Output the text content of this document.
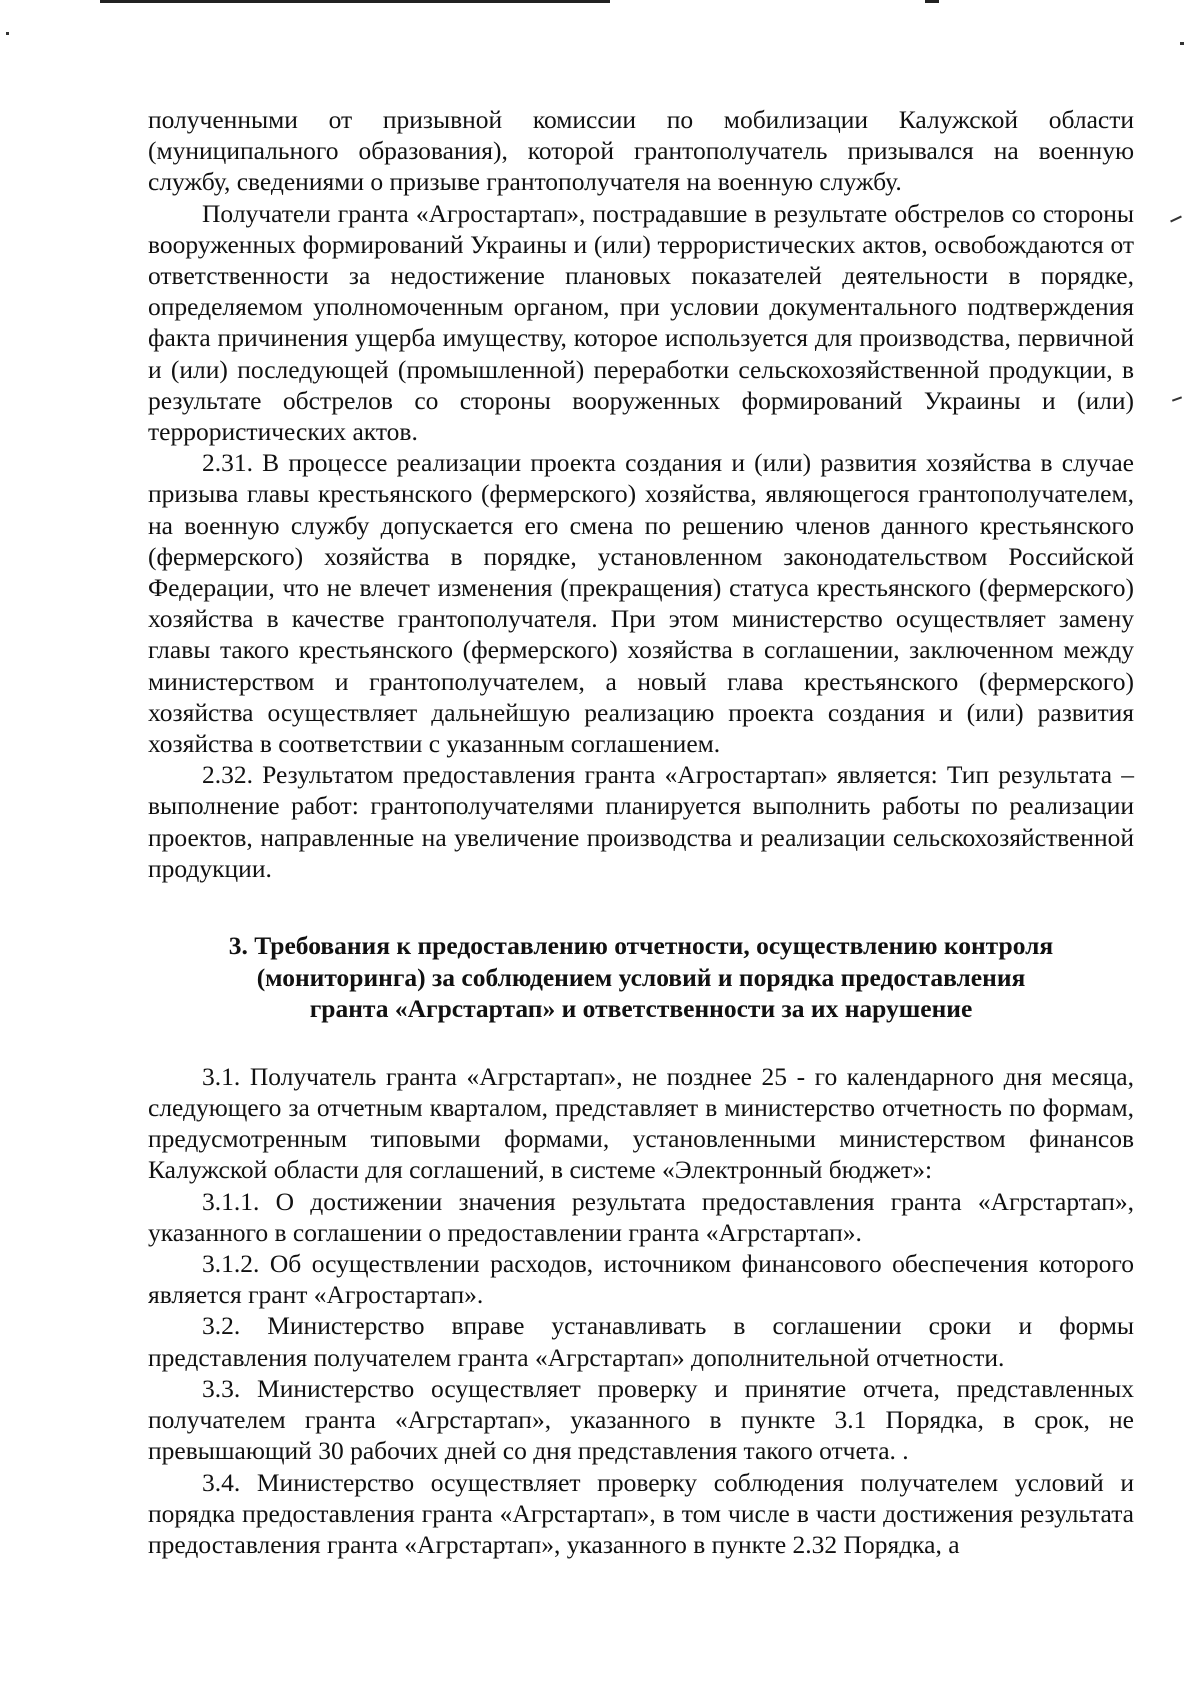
полученными от призывной комиссии по мобилизации Калужской области (муниципального образования), которой грантополучатель призывался на военную службу, сведениями о призыве грантополучателя на военную службу.

Получатели гранта «Агростартап», пострадавшие в результате обстрелов со стороны вооруженных формирований Украины и (или) террористических актов, освобождаются от ответственности за недостижение плановых показателей деятельности в порядке, определяемом уполномоченным органом, при условии документального подтверждения факта причинения ущерба имуществу, которое используется для производства, первичной и (или) последующей (промышленной) переработки сельскохозяйственной продукции, в результате обстрелов со стороны вооруженных формирований Украины и (или) террористических актов.

2.31. В процессе реализации проекта создания и (или) развития хозяйства в случае призыва главы крестьянского (фермерского) хозяйства, являющегося грантополучателем, на военную службу допускается его смена по решению членов данного крестьянского (фермерского) хозяйства в порядке, установленном законодательством Российской Федерации, что не влечет изменения (прекращения) статуса крестьянского (фермерского) хозяйства в качестве грантополучателя. При этом министерство осуществляет замену главы такого крестьянского (фермерского) хозяйства в соглашении, заключенном между министерством и грантополучателем, а новый глава крестьянского (фермерского) хозяйства осуществляет дальнейшую реализацию проекта создания и (или) развития хозяйства в соответствии с указанным соглашением.

2.32. Результатом предоставления гранта «Агростартап» является: Тип результата – выполнение работ: грантополучателями планируется выполнить работы по реализации проектов, направленные на увеличение производства и реализации сельскохозяйственной продукции.

3. Требования к предоставлению отчетности, осуществлению контроля
(мониторинга) за соблюдением условий и порядка предоставления
гранта «Агрстартап» и ответственности за их нарушение

3.1. Получатель гранта «Агрстартап», не позднее 25 - го календарного дня месяца, следующего за отчетным кварталом, представляет в министерство отчетность по формам, предусмотренным типовыми формами, установленными министерством финансов Калужской области для соглашений, в системе «Электронный бюджет»:

3.1.1. О достижении значения результата предоставления гранта «Агрстартап», указанного в соглашении о предоставлении гранта «Агрстартап».

3.1.2. Об осуществлении расходов, источником финансового обеспечения которого является грант «Агростартап».

3.2. Министерство вправе устанавливать в соглашении сроки и формы представления получателем гранта «Агрстартап» дополнительной отчетности.

3.3. Министерство осуществляет проверку и принятие отчета, представленных получателем гранта «Агрстартап», указанного в пункте 3.1 Порядка, в срок, не превышающий 30 рабочих дней со дня представления такого отчета. .

3.4. Министерство осуществляет проверку соблюдения получателем условий и порядка предоставления гранта «Агрстартап», в том числе в части достижения результата предоставления гранта «Агрстартап», указанного в пункте 2.32 Порядка, а
